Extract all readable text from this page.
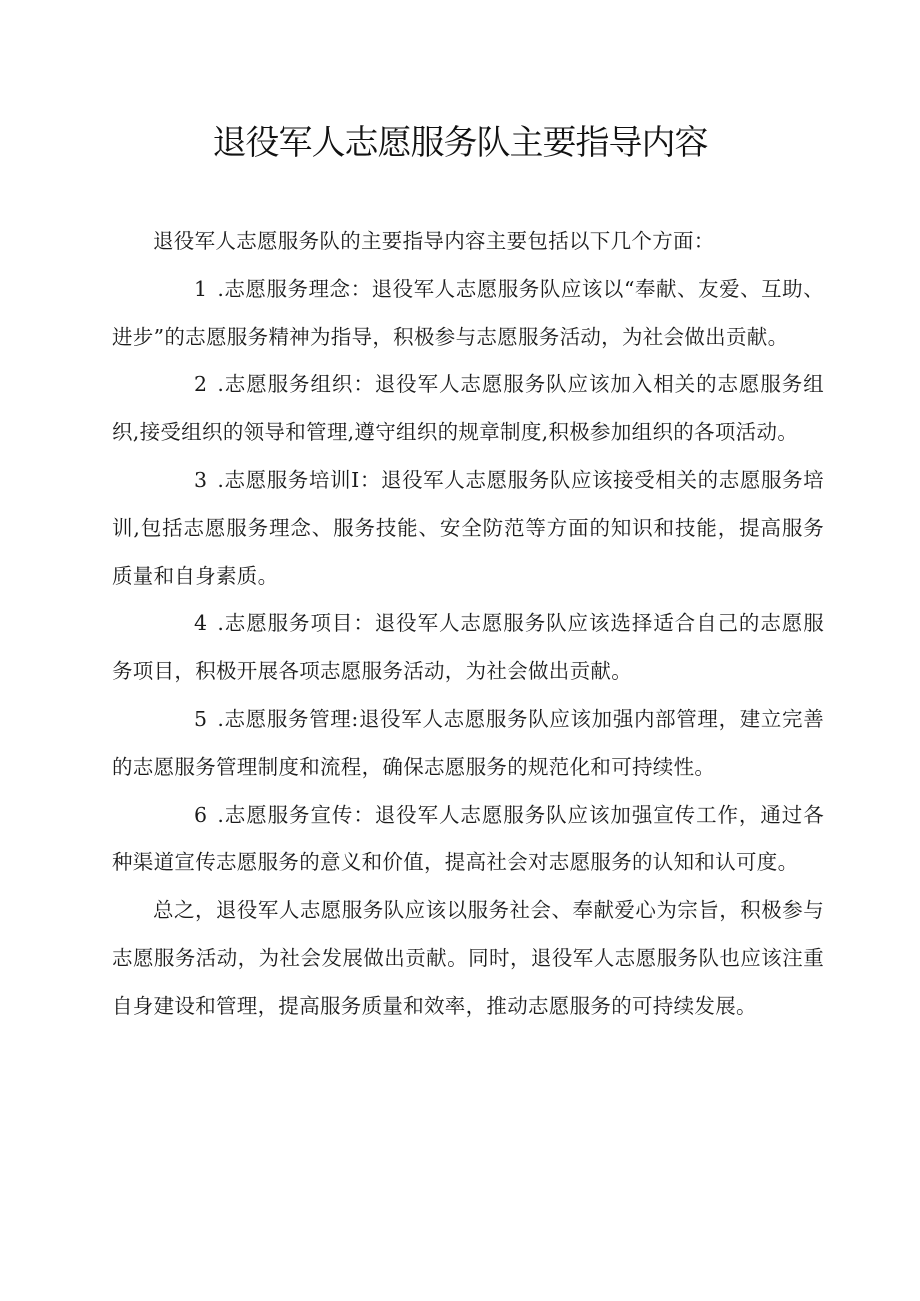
退役军人志愿服务队主要指导内容

退役军人志愿服务队的主要指导内容主要包括以下几个方面：

1 .志愿服务理念：退役军人志愿服务队应该以“奉献、友爱、互助、进步”的志愿服务精神为指导，积极参与志愿服务活动，为社会做出贡献。

2 .志愿服务组织：退役军人志愿服务队应该加入相关的志愿服务组织,接受组织的领导和管理,遵守组织的规章制度,积极参加组织的各项活动。

3 .志愿服务培训I：退役军人志愿服务队应该接受相关的志愿服务培训,包括志愿服务理念、服务技能、安全防范等方面的知识和技能，提高服务质量和自身素质。

4 .志愿服务项目：退役军人志愿服务队应该选择适合自己的志愿服务项目，积极开展各项志愿服务活动，为社会做出贡献。

5 .志愿服务管理:退役军人志愿服务队应该加强内部管理，建立完善的志愿服务管理制度和流程，确保志愿服务的规范化和可持续性。

6 .志愿服务宣传：退役军人志愿服务队应该加强宣传工作，通过各种渠道宣传志愿服务的意义和价值，提高社会对志愿服务的认知和认可度。

总之，退役军人志愿服务队应该以服务社会、奉献爱心为宗旨，积极参与志愿服务活动，为社会发展做出贡献。同时，退役军人志愿服务队也应该注重自身建设和管理，提高服务质量和效率，推动志愿服务的可持续发展。
